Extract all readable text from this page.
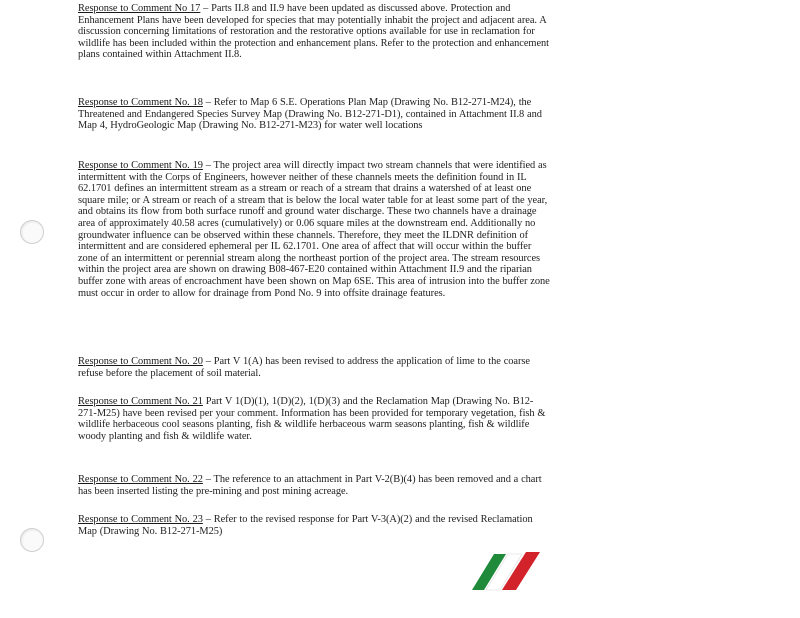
Response to Comment No 17 – Parts II.8 and II.9 have been updated as discussed above. Protection and Enhancement Plans have been developed for species that may potentially inhabit the project and adjacent area. A discussion concerning limitations of restoration and the restorative options available for use in reclamation for wildlife has been included within the protection and enhancement plans. Refer to the protection and enhancement plans contained within Attachment II.8.
Response to Comment No. 18 – Refer to Map 6 S.E. Operations Plan Map (Drawing No. B12-271-M24), the Threatened and Endangered Species Survey Map (Drawing No. B12-271-D1), contained in Attachment II.8 and Map 4, HydroGeologic Map (Drawing No. B12-271-M23) for water well locations
Response to Comment No. 19 – The project area will directly impact two stream channels that were identified as intermittent with the Corps of Engineers, however neither of these channels meets the definition found in IL 62.1701 defines an intermittent stream as a stream or reach of a stream that drains a watershed of at least one square mile; or A stream or reach of a stream that is below the local water table for at least some part of the year, and obtains its flow from both surface runoff and ground water discharge. These two channels have a drainage area of approximately 40.58 acres (cumulatively) or 0.06 square miles at the downstream end. Additionally no groundwater influence can be observed within these channels. Therefore, they meet the ILDNR definition of intermittent and are considered ephemeral per IL 62.1701. One area of affect that will occur within the buffer zone of an intermittent or perennial stream along the northeast portion of the project area. The stream resources within the project area are shown on drawing B08-467-E20 contained within Attachment II.9 and the riparian buffer zone with areas of encroachment have been shown on Map 6SE. This area of intrusion into the buffer zone must occur in order to allow for drainage from Pond No. 9 into offsite drainage features.
Response to Comment No. 20 – Part V 1(A) has been revised to address the application of lime to the coarse refuse before the placement of soil material.
Response to Comment No. 21 Part V 1(D)(1), 1(D)(2), 1(D)(3) and the Reclamation Map (Drawing No. B12-271-M25) have been revised per your comment. Information has been provided for temporary vegetation, fish & wildlife herbaceous cool seasons planting, fish & wildlife herbaceous warm seasons planting, fish & wildlife woody planting and fish & wildlife water.
Response to Comment No. 22 – The reference to an attachment in Part V-2(B)(4) has been removed and a chart has been inserted listing the pre-mining and post mining acreage.
Response to Comment No. 23 – Refer to the revised response for Part V-3(A)(2) and the revised Reclamation Map (Drawing No. B12-271-M25)
